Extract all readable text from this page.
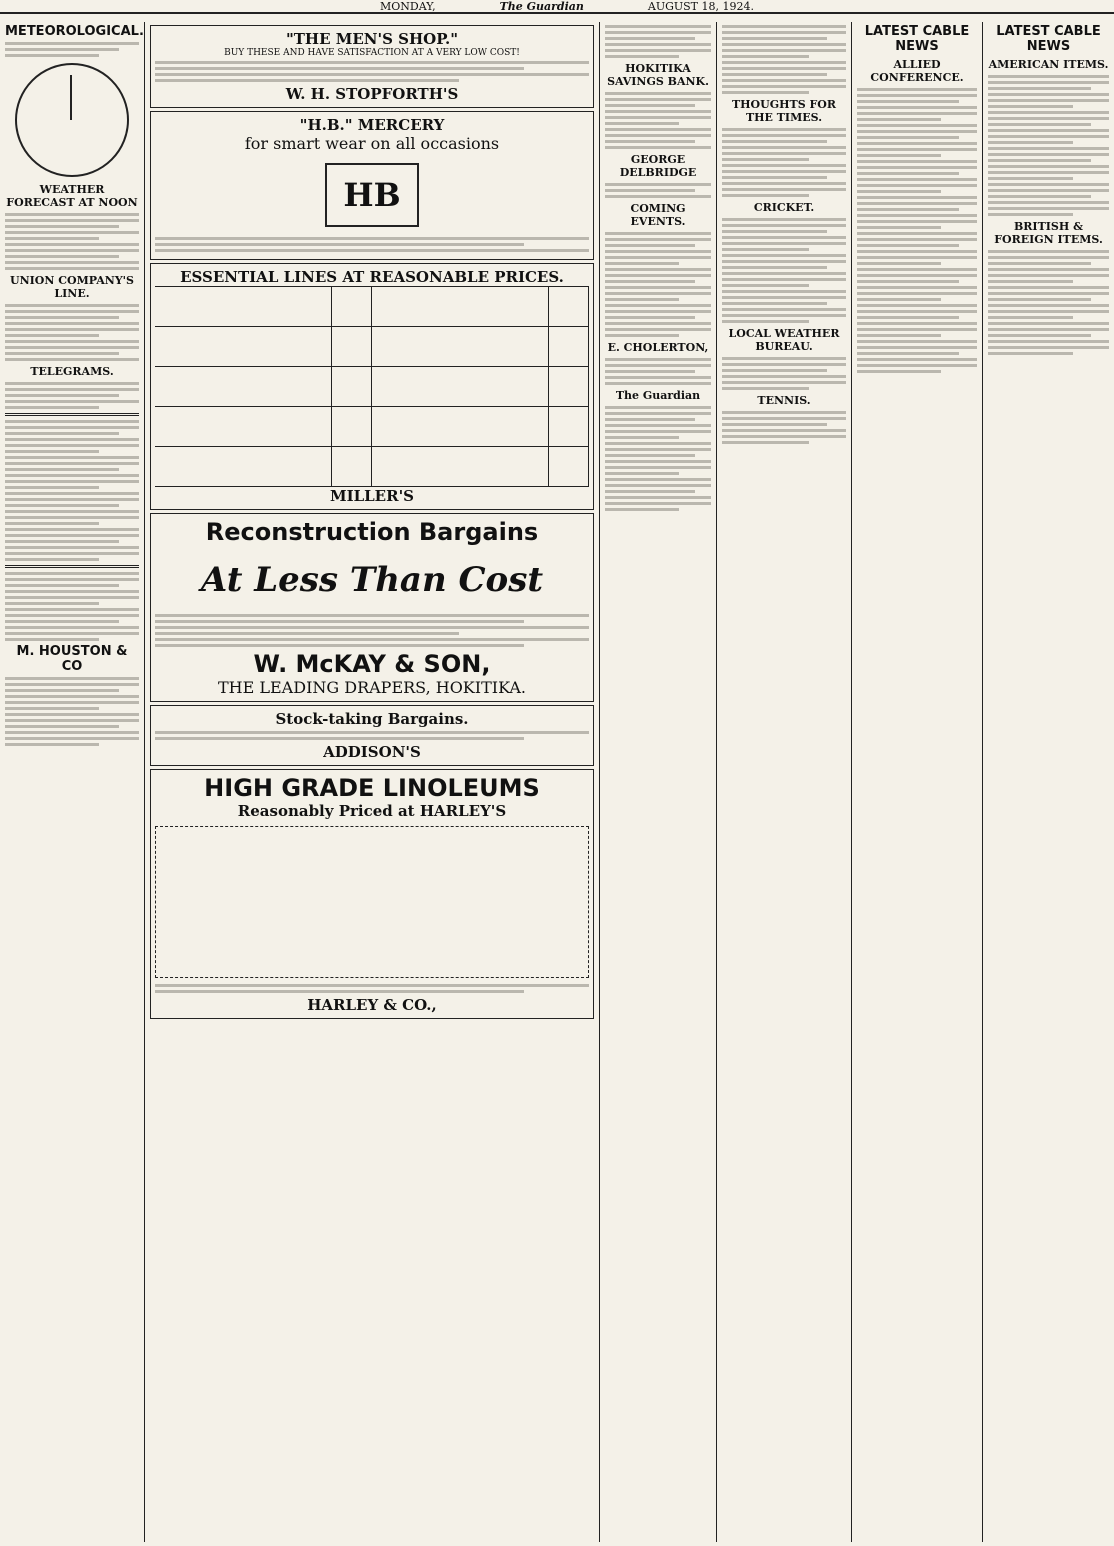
MONDAY,	The Guardian	AUGUST 18, 1924.
METEOROLOGICAL.
WEATHER FORECAST AT NOON
UNION COMPANY'S LINE.
TELEGRAMS.
M. HOUSTON & CO
"THE MEN'S SHOP."
BUY THESE AND HAVE SATISFACTION AT A VERY LOW COST!
W. H. STOPFORTH'S
"H.B." MERCERY
for smart wear on all occasions
HB
ESSENTIAL LINES AT REASONABLE PRICES.
MILLER'S
Reconstruction Bargains
At Less Than Cost
W. McKAY & SON,
THE LEADING DRAPERS, HOKITIKA.
Stock-taking Bargains.
ADDISON'S
HIGH GRADE LINOLEUMS
Reasonably Priced at HARLEY'S
HARLEY & CO.,
HOKITIKA SAVINGS BANK.
GEORGE DELBRIDGE
COMING EVENTS.
E. CHOLERTON,
The Guardian
THOUGHTS FOR THE TIMES.
CRICKET.
LOCAL WEATHER BUREAU.
TENNIS.
LATEST CABLE NEWS
ALLIED CONFERENCE.
LATEST CABLE NEWS
AMERICAN ITEMS.
BRITISH & FOREIGN ITEMS.
